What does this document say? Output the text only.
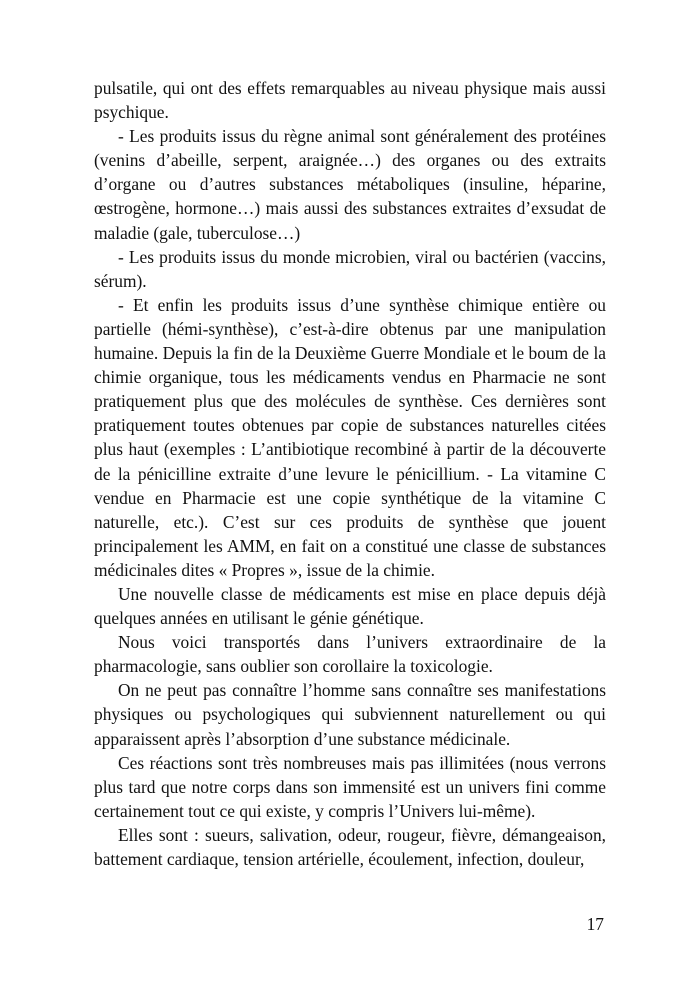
pulsatile, qui ont des effets remarquables au niveau physique mais aussi psychique.

- Les produits issus du règne animal sont généralement des protéines (venins d’abeille, serpent, araignée…) des organes ou des extraits d’organe ou d’autres substances métaboliques (insuline, héparine, œstrogène, hormone…) mais aussi des substances extraites d’exsudat de maladie (gale, tuberculose…)

- Les produits issus du monde microbien, viral ou bactérien (vaccins, sérum).

- Et enfin les produits issus d’une synthèse chimique entière ou partielle (hémi-synthèse), c’est-à-dire obtenus par une manipulation humaine. Depuis la fin de la Deuxième Guerre Mondiale et le boum de la chimie organique, tous les médicaments vendus en Pharmacie ne sont pratiquement plus que des molécules de synthèse. Ces dernières sont pratiquement toutes obtenues par copie de substances naturelles citées plus haut (exemples : L’antibiotique recombiné à partir de la découverte de la pénicilline extraite d’une levure le pénicillium. - La vitamine C vendue en Pharmacie est une copie synthétique de la vitamine C naturelle, etc.). C’est sur ces produits de synthèse que jouent principalement les AMM, en fait on a constitué une classe de substances médicinales dites « Propres », issue de la chimie.

Une nouvelle classe de médicaments est mise en place depuis déjà quelques années en utilisant le génie génétique.

Nous voici transportés dans l’univers extraordinaire de la pharmacologie, sans oublier son corollaire la toxicologie.

On ne peut pas connaître l’homme sans connaître ses manifestations physiques ou psychologiques qui subviennent naturellement ou qui apparaissent après l’absorption d’une substance médicinale.

Ces réactions sont très nombreuses mais pas illimitées (nous verrons plus tard que notre corps dans son immensité est un univers fini comme certainement tout ce qui existe, y compris l’Univers lui-même).

Elles sont : sueurs, salivation, odeur, rougeur, fièvre, démangeaison, battement cardiaque, tension artérielle, écoulement, infection, douleur,

17
